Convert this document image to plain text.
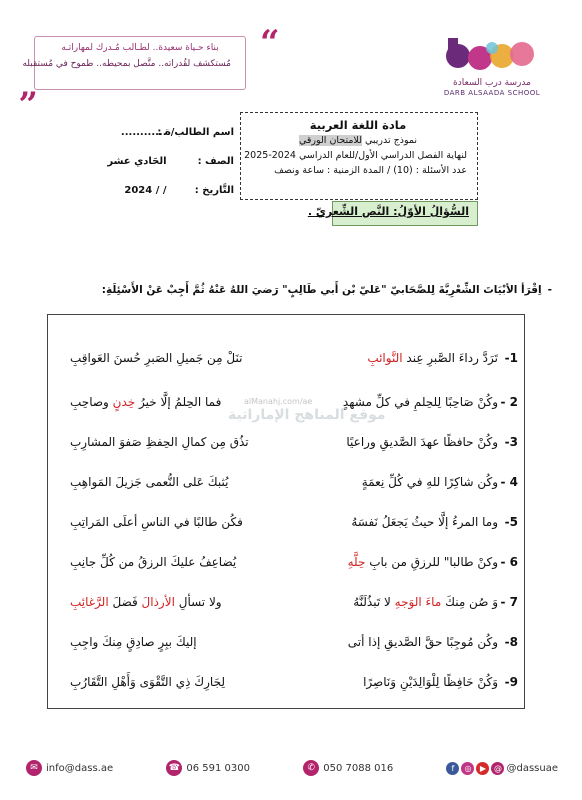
“
بناء حـياة سعيدة.. لطـالب مُـدرك لمهاراتـه
مُستكشف لقُدراته.. متَّصل بمحيطه.. طموح في مُستقبله
“	مدرسة درب السعادة
DARB ALSAADA SCHOOL
مادة اللغة العربية
نموذج تدريبي للامتحان الورقي
لنهاية الفصل الدراسي الأول/للعام الدراسي 2024-2025
عدد الأسئلة : (10) / المدة الزمنية : ساعة ونصف
اسم الطالب/ة : ............
الصف : الحَادي عشر
التَّاريخ : / / 2024
السُّؤالُ الأوّلُ: النَّص الشِّعريّ .
-اِقْرَأ الأبْيَاتَ الشِّعْرِيَّةَ لِلصَّحَابيّ "عَليّ بْن أَبي طَالِبٍ" رَضيَ اللهُ عَنْهُ ثُمَّ أَجِبْ عَنْ الأَسْئِلَةِ:
alManahj.com/ae
موقع المناهج الإماراتية
1-
تَرَدَّ رداءَ الصَّبرِ عِند النَّوائبِ
تنَلْ مِن جَميلِ الصَبرِ حُسنَ العَواقِبِ
2 -
وكُنْ صَاحِبًا لِلحِلمِ في كلِّ مشهدٍ
فما الحِلمُ إلَّا خيرُ خِدنٍ وصاحِبِ
3-
وكُنْ حافظًا عهدَ الصَّديقِ وراعيًا
تذُق مِن كمالِ الحِفظِ صَفوَ المشارِبِ
4 -
وكُن شاكِرًا للهِ في كُلِّ نِعمَةٍ
يُثبكَ عَلى النُّعمى جَزيلَ المَواهِبِ
5-
وما المرءُ إلَّا حيثُ يَجعَلُ نَفسَهُ
فكُن طالبًا في الناسِ أعلَى المَراتِبِ
6 -
وكنْ طالبا" للرزقِ من بابِ حِلَّهِ
يُضاعِفُ عليكَ الرزقُ من كُلِّ جانِبِ
7 -
وَ صُن مِنكَ ماءَ الوَجهِ لا تَبذُلَنَّهُ
ولا تسألِ الأرذالَ فَضلَ الرَّغائِبِ
8-
وكُن مُوجِبًا حقَّ الصَّديقِ إذا أتى
إليكَ ببِرٍ صادِقٍ مِنكَ واجِبِ
9-
وَكُنْ حَافِظًا لِلْوَالِدَيْنِ وَنَاصِرًا
لِجَارِكَ ذِي التَّقْوَى وَأَهْلِ التَّقَارُبِ
✉ info@dass.ae	☎ 06 591 0300	✆ 050 7088 016	f	◎	▶ @ @dassuae
